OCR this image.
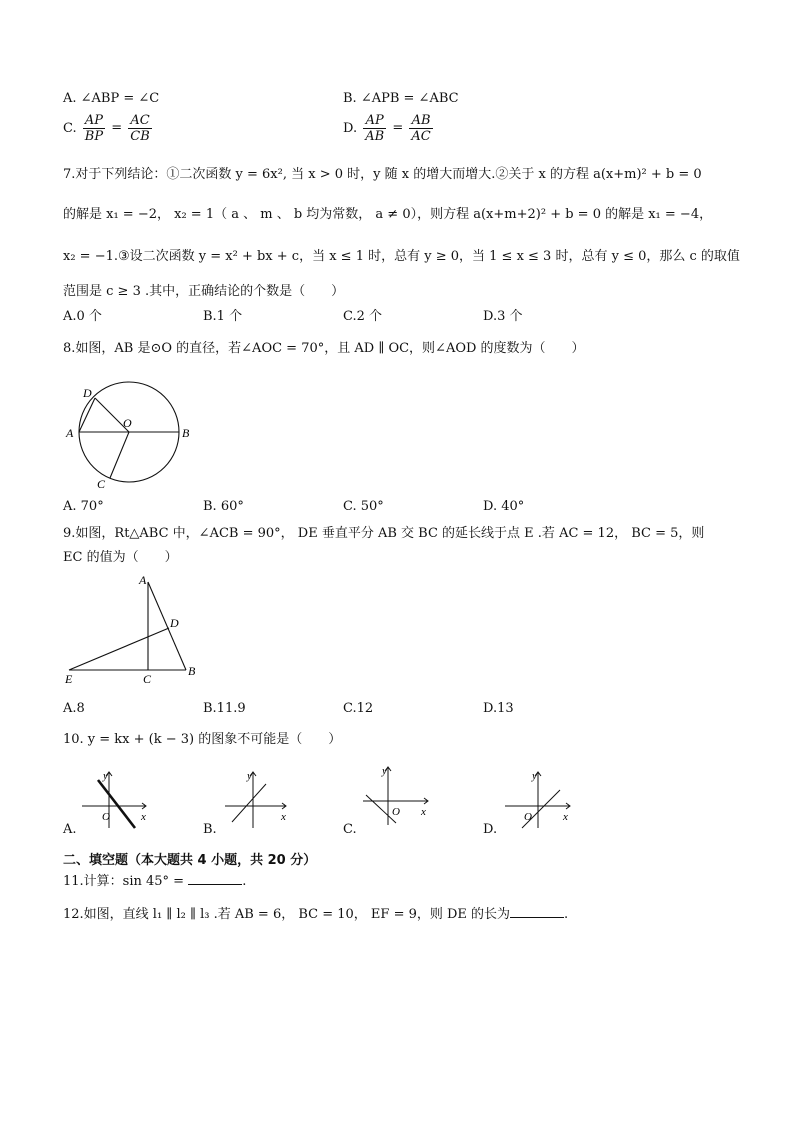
A. ∠ABP = ∠C	B. ∠APB = ∠ABC
C. $\frac{AP}{BP} = \frac{AC}{CB}$	D. $\frac{AP}{AB} = \frac{AB}{AC}$
7.对于下列结论：①二次函数 y = 6x², 当 x > 0 时，y 随 x 的增大而增大.②关于 x 的方程 a(x+m)² + b = 0
的解是 x₁ = −2， x₂ = 1（ a 、 m 、 b 均为常数， a ≠ 0），则方程 a(x+m+2)² + b = 0 的解是 x₁ = −4，
x₂ = −1.③设二次函数 y = x² + bx + c，当 x ≤ 1 时，总有 y ≥ 0，当 1 ≤ x ≤ 3 时，总有 y ≤ 0，那么 c 的取值
范围是 c ≥ 3 .其中，正确结论的个数是（　　）
A.0 个	B.1 个	C.2 个	D.3 个
8.如图，AB 是⊙O 的直径，若∠AOC = 70°，且 AD ∥ OC，则∠AOD 的度数为（　　）
A	B
D
O
C
A. 70°	B. 60°	C. 50°	D. 40°
9.如图，Rt△ABC 中，∠ACB = 90°， DE 垂直平分 AB 交 BC 的延长线于点 E .若 AC = 12， BC = 5，则
EC 的值为（　　）
A
D
B
C
E
A.8	B.11.9	C.12	D.13
10. y = kx + (k − 3) 的图象不可能是（　　）
A.
y
x
O
B.
y
x
C.
y
x
O
D.
y
x
O
二、填空题（本大题共 4 小题，共 20 分）
11.计算：sin 45° =	.
12.如图，直线 l₁ ∥ l₂ ∥ l₃ .若 AB = 6， BC = 10， EF = 9，则 DE 的长为	.
